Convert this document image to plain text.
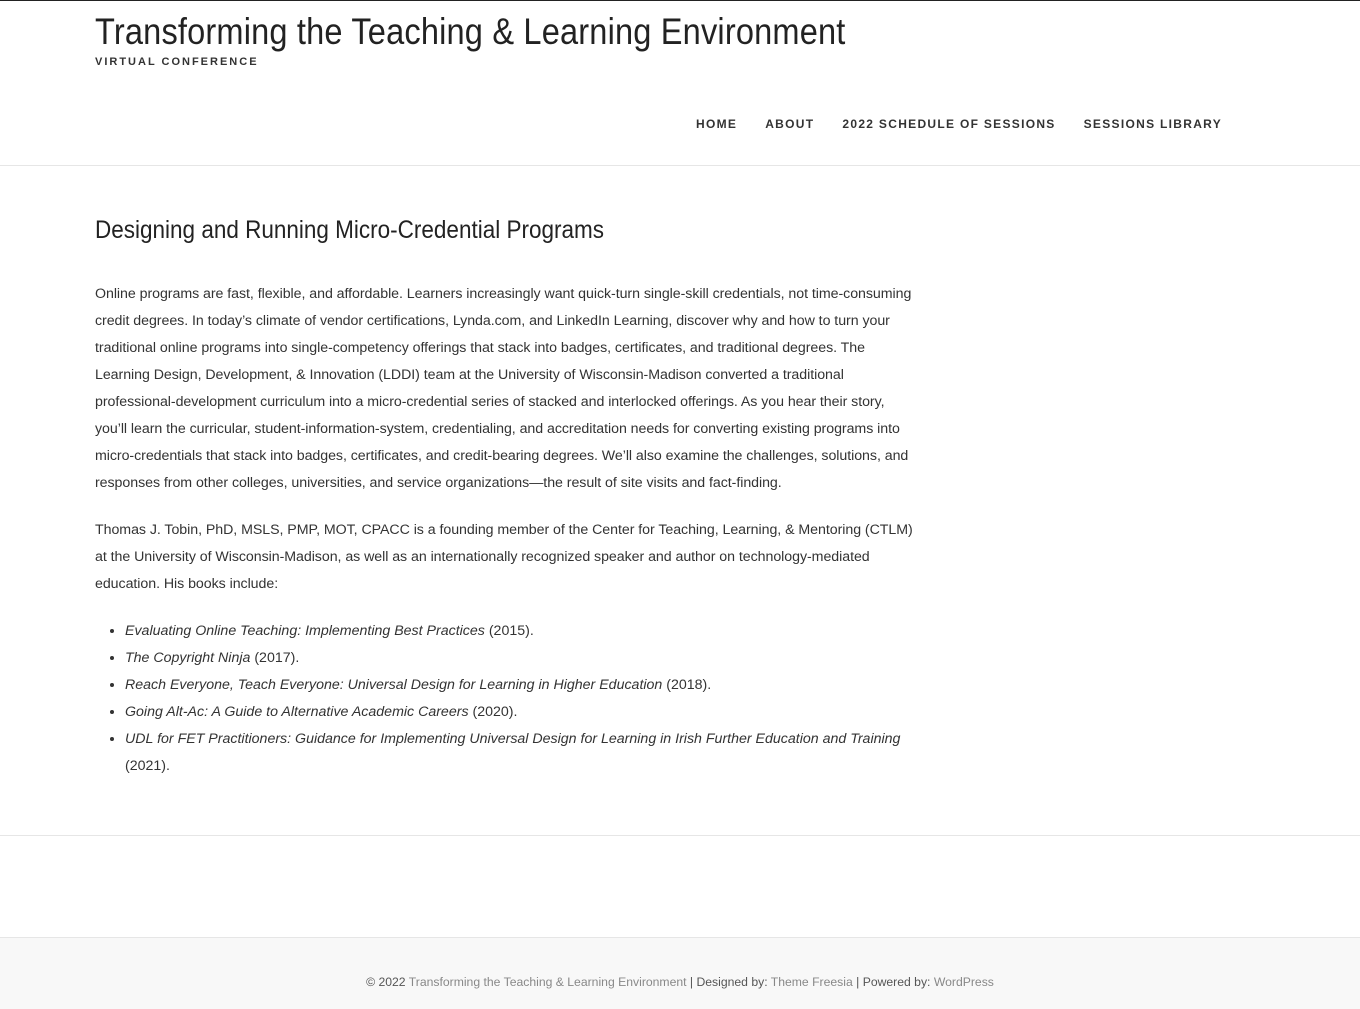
Transforming the Teaching & Learning Environment
VIRTUAL CONFERENCE
HOME ABOUT 2022 SCHEDULE OF SESSIONS SESSIONS LIBRARY
Designing and Running Micro-Credential Programs

Online programs are fast, flexible, and affordable. Learners increasingly want quick-turn single-skill credentials, not time-consuming credit degrees. In today’s climate of vendor certifications, Lynda.com, and LinkedIn Learning, discover why and how to turn your traditional online programs into single-competency offerings that stack into badges, certificates, and traditional degrees. The Learning Design, Development, & Innovation (LDDI) team at the University of Wisconsin-Madison converted a traditional professional-development curriculum into a micro-credential series of stacked and interlocked offerings. As you hear their story, you’ll learn the curricular, student-information-system, credentialing, and accreditation needs for converting existing programs into micro-credentials that stack into badges, certificates, and credit-bearing degrees. We’ll also examine the challenges, solutions, and responses from other colleges, universities, and service organizations—the result of site visits and fact-finding.

Thomas J. Tobin, PhD, MSLS, PMP, MOT, CPACC is a founding member of the Center for Teaching, Learning, & Mentoring (CTLM) at the University of Wisconsin-Madison, as well as an internationally recognized speaker and author on technology-mediated education. His books include:

• Evaluating Online Teaching: Implementing Best Practices (2015).
• The Copyright Ninja (2017).
• Reach Everyone, Teach Everyone: Universal Design for Learning in Higher Education (2018).
• Going Alt-Ac: A Guide to Alternative Academic Careers (2020).
• UDL for FET Practitioners: Guidance for Implementing Universal Design for Learning in Irish Further Education and Training (2021).
© 2022 Transforming the Teaching & Learning Environment | Designed by: Theme Freesia | Powered by: WordPress
